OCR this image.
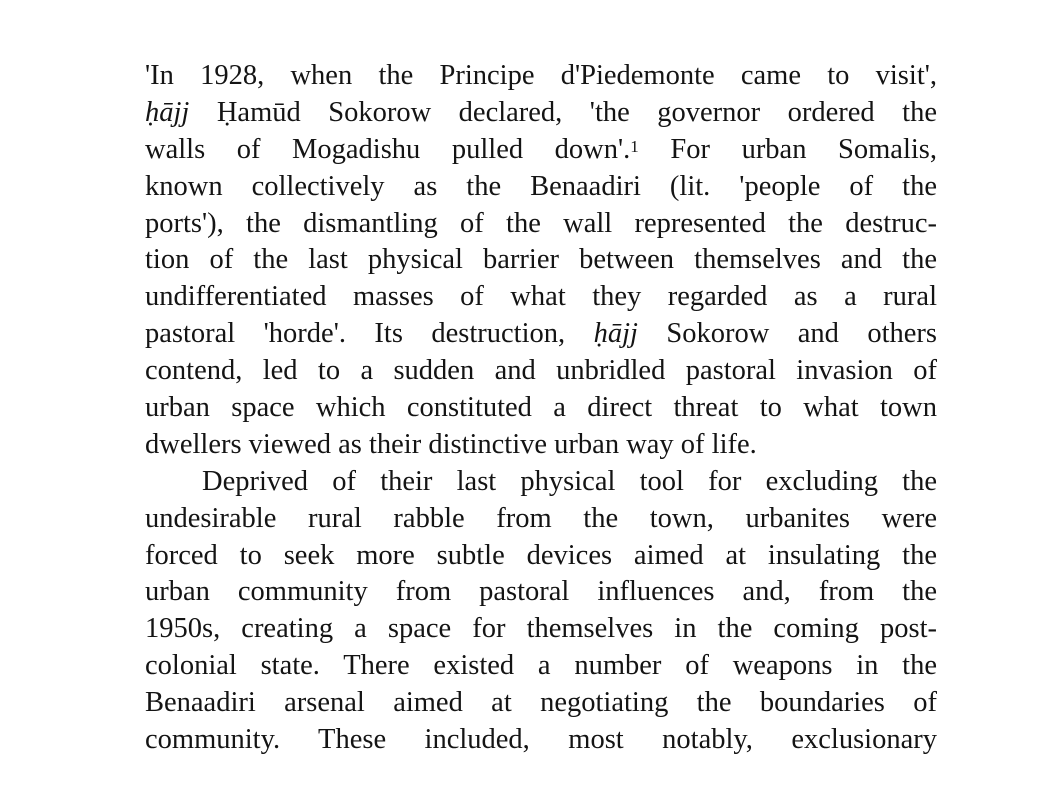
'In 1928, when the Principe d'Piedemonte came to visit',
ḥājj Ḥamūd Sokorow declared, 'the governor ordered the
walls of Mogadishu pulled down'.$^1$ For urban Somalis,
known collectively as the Benaadiri (lit. 'people of the
ports'), the dismantling of the wall represented the destruc-
tion of the last physical barrier between themselves and the
undifferentiated masses of what they regarded as a rural
pastoral 'horde'. Its destruction, ḥājj Sokorow and others
contend, led to a sudden and unbridled pastoral invasion of
urban space which constituted a direct threat to what town
dwellers viewed as their distinctive urban way of life.
Deprived of their last physical tool for excluding the
undesirable rural rabble from the town, urbanites were
forced to seek more subtle devices aimed at insulating the
urban community from pastoral influences and, from the
1950s, creating a space for themselves in the coming post-
colonial state. There existed a number of weapons in the
Benaadiri arsenal aimed at negotiating the boundaries of
community. These included, most notably, exclusionary
